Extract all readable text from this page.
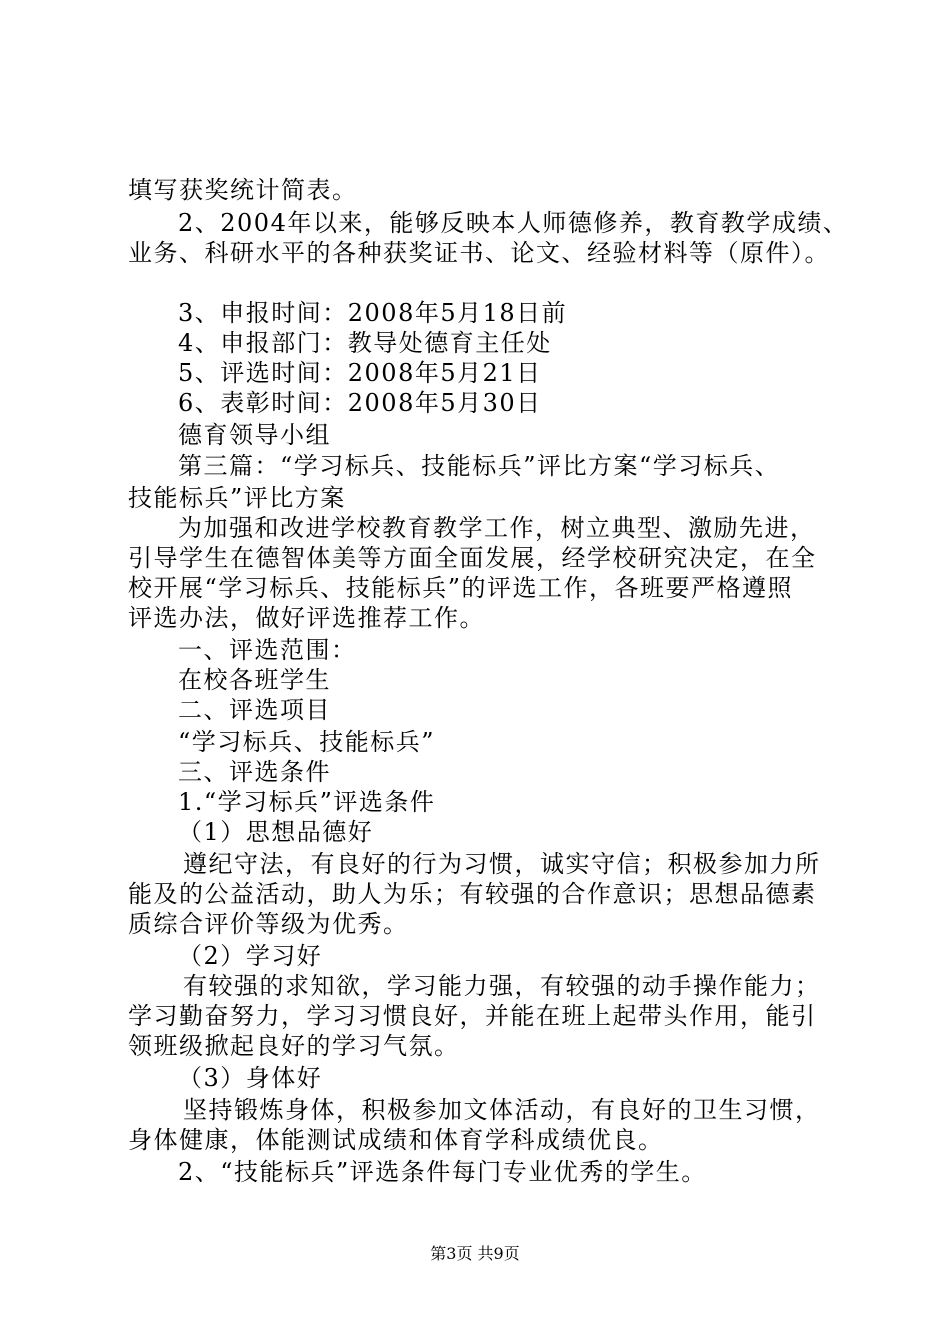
填写获奖统计简表。
2、2004年以来，能够反映本人师德修养，教育教学成绩、
业务、科研水平的各种获奖证书、论文、经验材料等（原件）。
3、申报时间：2008年5月18日前
4、申报部门：教导处德育主任处
5、评选时间：2008年5月21日
6、表彰时间：2008年5月30日
德育领导小组
第三篇：“学习标兵、技能标兵”评比方案“学习标兵、
技能标兵”评比方案
为加强和改进学校教育教学工作，树立典型、激励先进，
引导学生在德智体美等方面全面发展，经学校研究决定，在全
校开展“学习标兵、技能标兵”的评选工作，各班要严格遵照
评选办法，做好评选推荐工作。
一、评选范围：
在校各班学生
二、评选项目
“学习标兵、技能标兵”
三、评选条件
1.“学习标兵”评选条件
（1）思想品德好
遵纪守法，有良好的行为习惯，诚实守信；积极参加力所
能及的公益活动，助人为乐；有较强的合作意识；思想品德素
质综合评价等级为优秀。
（2）学习好
有较强的求知欲，学习能力强，有较强的动手操作能力；
学习勤奋努力，学习习惯良好，并能在班上起带头作用，能引
领班级掀起良好的学习气氛。
（3）身体好
坚持锻炼身体，积极参加文体活动，有良好的卫生习惯，
身体健康，体能测试成绩和体育学科成绩优良。
2、“技能标兵”评选条件每门专业优秀的学生。
第3页 共9页
